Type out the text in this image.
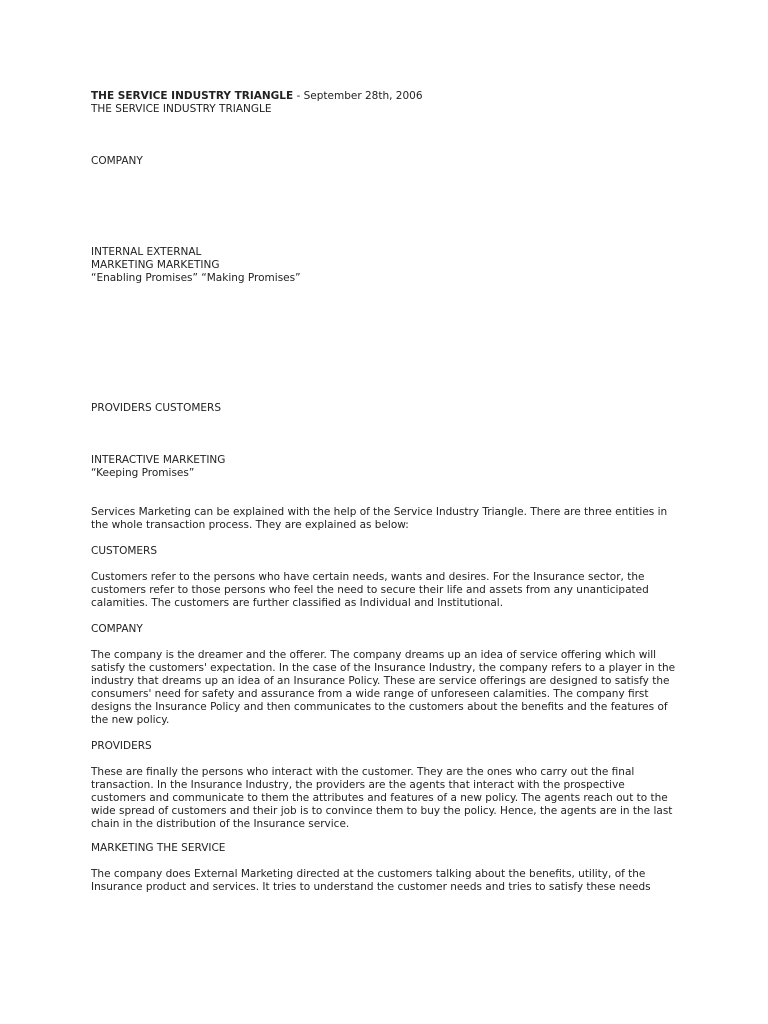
THE SERVICE INDUSTRY TRIANGLE - September 28th, 2006
THE SERVICE INDUSTRY TRIANGLE
COMPANY
INTERNAL EXTERNAL
MARKETING MARKETING
“Enabling Promises” “Making Promises”
PROVIDERS CUSTOMERS
INTERACTIVE MARKETING
“Keeping Promises”
Services Marketing can be explained with the help of the Service Industry Triangle. There are three entities in the whole transaction process. They are explained as below:
CUSTOMERS
Customers refer to the persons who have certain needs, wants and desires. For the Insurance sector, the customers refer to those persons who feel the need to secure their life and assets from any unanticipated calamities. The customers are further classified as Individual and Institutional.
COMPANY
The company is the dreamer and the offerer. The company dreams up an idea of service offering which will satisfy the customers' expectation. In the case of the Insurance Industry, the company refers to a player in the industry that dreams up an idea of an Insurance Policy. These are service offerings are designed to satisfy the consumers' need for safety and assurance from a wide range of unforeseen calamities. The company first designs the Insurance Policy and then communicates to the customers about the benefits and the features of the new policy.
PROVIDERS
These are finally the persons who interact with the customer. They are the ones who carry out the final transaction. In the Insurance Industry, the providers are the agents that interact with the prospective customers and communicate to them the attributes and features of a new policy. The agents reach out to the wide spread of customers and their job is to convince them to buy the policy. Hence, the agents are in the last chain in the distribution of the Insurance service.
MARKETING THE SERVICE
The company does External Marketing directed at the customers talking about the benefits, utility, of the Insurance product and services. It tries to understand the customer needs and tries to satisfy these needs
